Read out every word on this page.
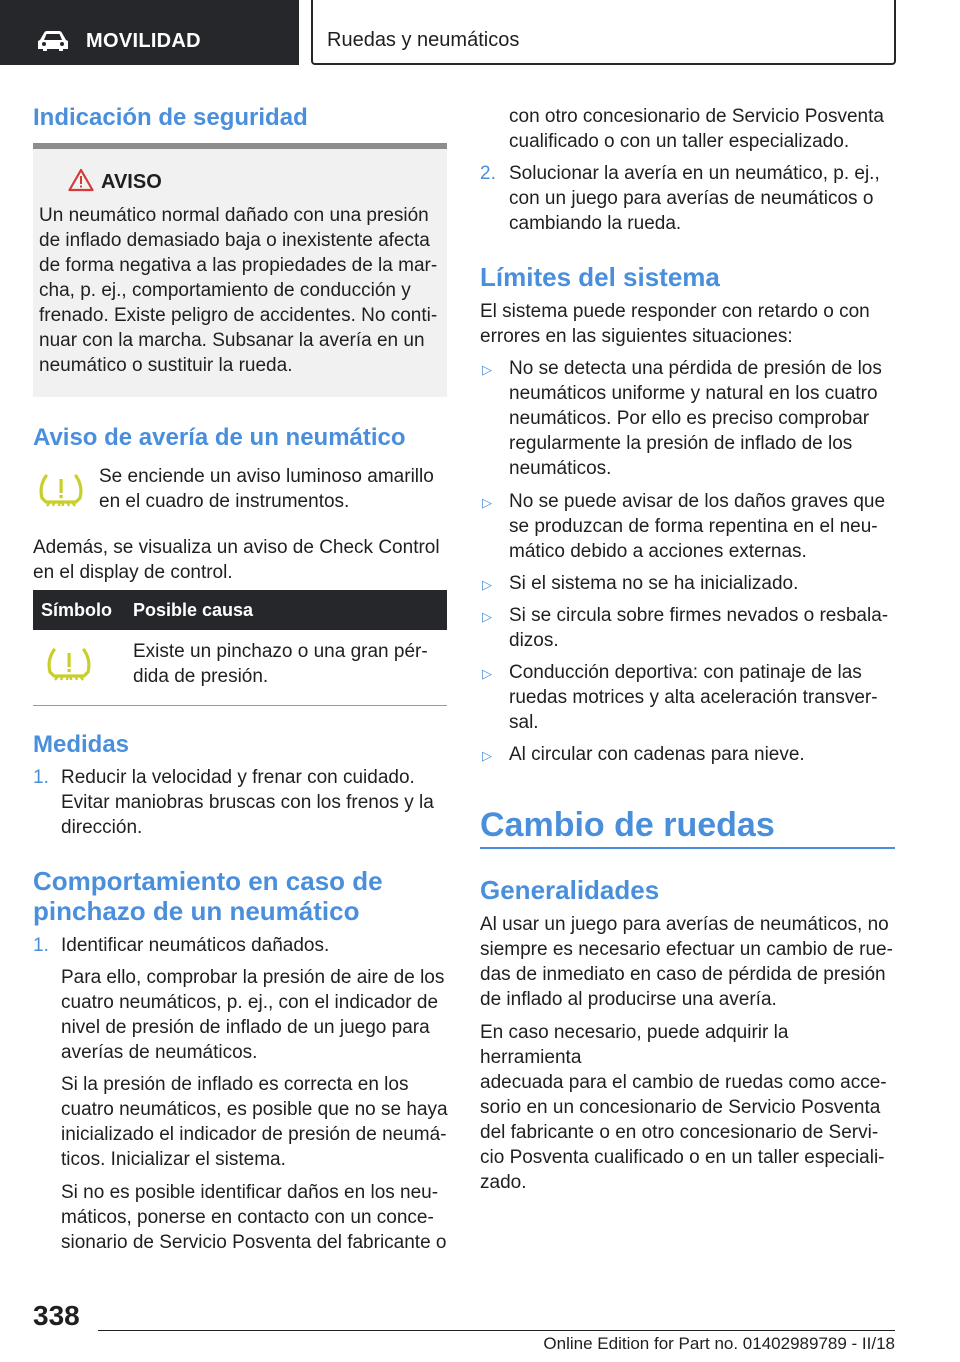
MOVILIDAD	Ruedas y neumáticos
Indicación de seguridad
AVISO
Un neumático normal dañado con una presión
de inflado demasiado baja o inexistente afecta
de forma negativa a las propiedades de la mar-
cha, p. ej., comportamiento de conducción y
frenado. Existe peligro de accidentes. No conti-
nuar con la marcha. Subsanar la avería en un
neumático o sustituir la rueda.
Aviso de avería de un neumático
Se enciende un aviso luminoso amarillo
en el cuadro de instrumentos.
Además, se visualiza un aviso de Check Control
en el display de control.
Símbolo Posible causa
Existe un pinchazo o una gran pér-
dida de presión.
Medidas
1. Reducir la velocidad y frenar con cuidado.
Evitar maniobras bruscas con los frenos y la
dirección.
Comportamiento en caso de
pinchazo de un neumático
1. Identificar neumáticos dañados.
Para ello, comprobar la presión de aire de los
cuatro neumáticos, p. ej., con el indicador de
nivel de presión de inflado de un juego para
averías de neumáticos.
Si la presión de inflado es correcta en los
cuatro neumáticos, es posible que no se haya
inicializado el indicador de presión de neumá-
ticos. Inicializar el sistema.
Si no es posible identificar daños en los neu-
máticos, ponerse en contacto con un conce-
sionario de Servicio Posventa del fabricante o
con otro concesionario de Servicio Posventa
cualificado o con un taller especializado.
2. Solucionar la avería en un neumático, p. ej.,
con un juego para averías de neumáticos o
cambiando la rueda.
Límites del sistema
El sistema puede responder con retardo o con
errores en las siguientes situaciones:
▷ No se detecta una pérdida de presión de los
neumáticos uniforme y natural en los cuatro
neumáticos. Por ello es preciso comprobar
regularmente la presión de inflado de los
neumáticos.
▷ No se puede avisar de los daños graves que
se produzcan de forma repentina en el neu-
mático debido a acciones externas.
▷ Si el sistema no se ha inicializado.
▷ Si se circula sobre firmes nevados o resbala-
dizos.
▷ Conducción deportiva: con patinaje de las
ruedas motrices y alta aceleración transver-
sal.
▷ Al circular con cadenas para nieve.
Cambio de ruedas
Generalidades
Al usar un juego para averías de neumáticos, no
siempre es necesario efectuar un cambio de rue-
das de inmediato en caso de pérdida de presión
de inflado al producirse una avería.
En caso necesario, puede adquirir la herramienta
adecuada para el cambio de ruedas como acce-
sorio en un concesionario de Servicio Posventa
del fabricante o en otro concesionario de Servi-
cio Posventa cualificado o en un taller especiali-
zado.
338
Online Edition for Part no. 01402989789 - II/18
